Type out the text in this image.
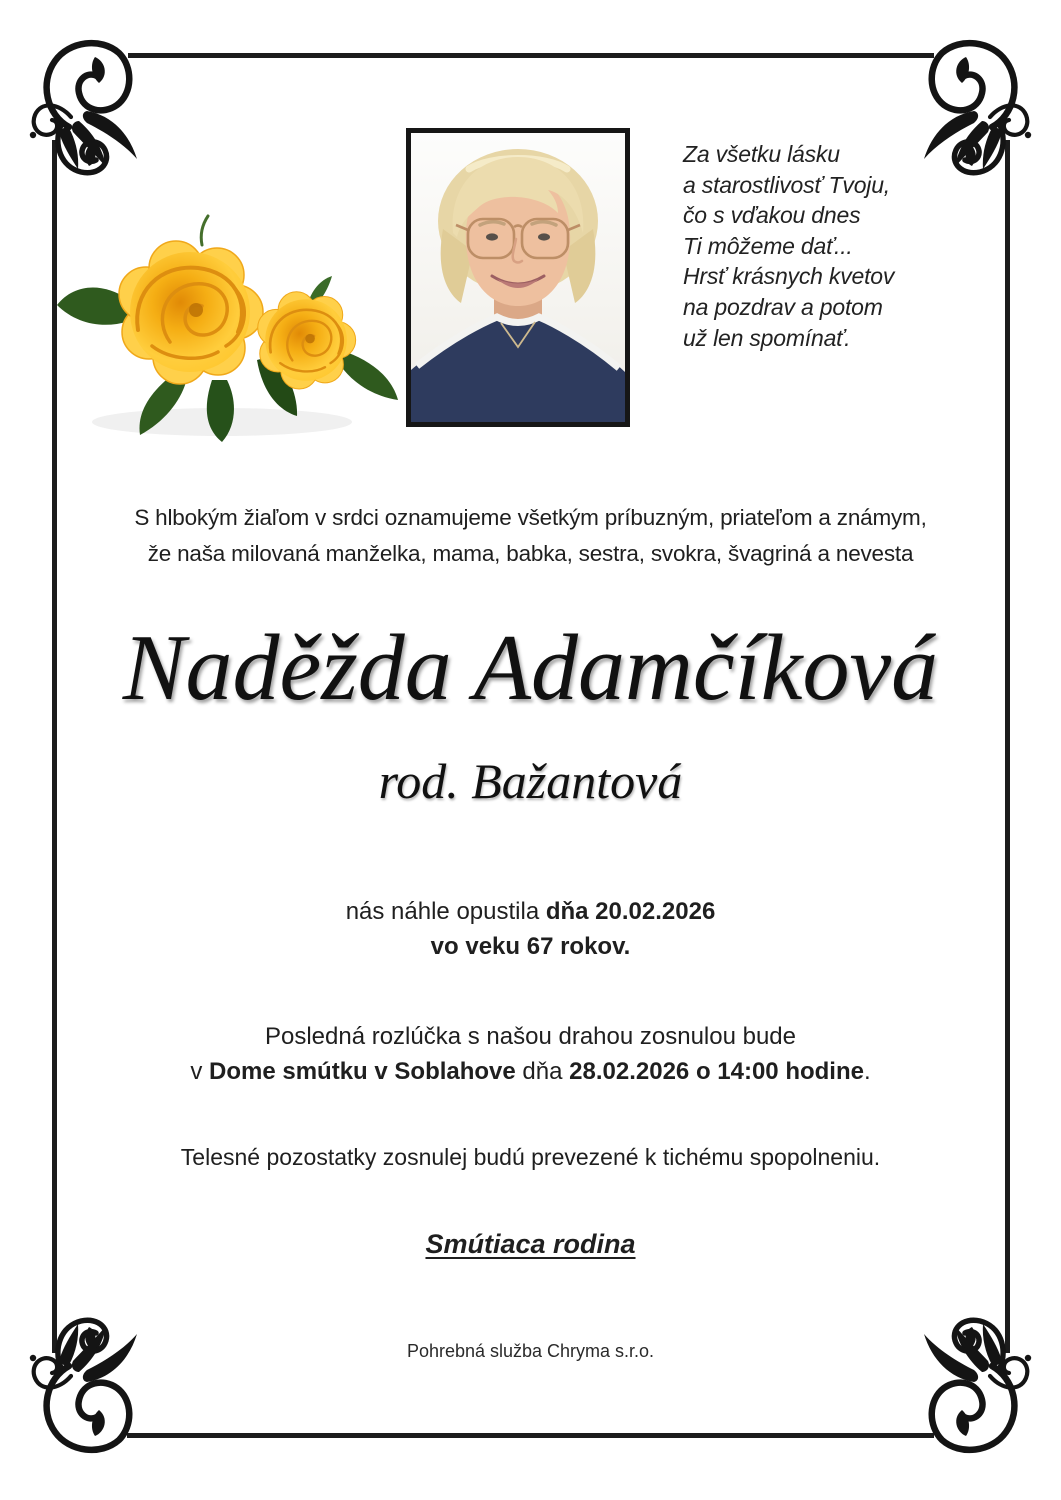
Za všetku lásku
a starostlivosť Tvoju,
čo s vďakou dnes
Ti môžeme dať...
Hrsť krásnych kvetov
na pozdrav a potom
už len spomínať.
S hlbokým žiaľom v srdci oznamujeme všetkým príbuzným, priateľom a známym,
že naša milovaná manželka, mama, babka, sestra, svokra, švagriná a nevesta
Naděžda Adamčíková
rod. Bažantová
nás náhle opustila dňa 20.02.2026
vo veku 67 rokov.
Posledná rozlúčka s našou drahou zosnulou bude
v Dome smútku v Soblahove dňa 28.02.2026 o 14:00 hodine.
Telesné pozostatky zosnulej budú prevezené k tichému spopolneniu.
Smútiaca rodina
Pohrebná služba Chryma s.r.o.
